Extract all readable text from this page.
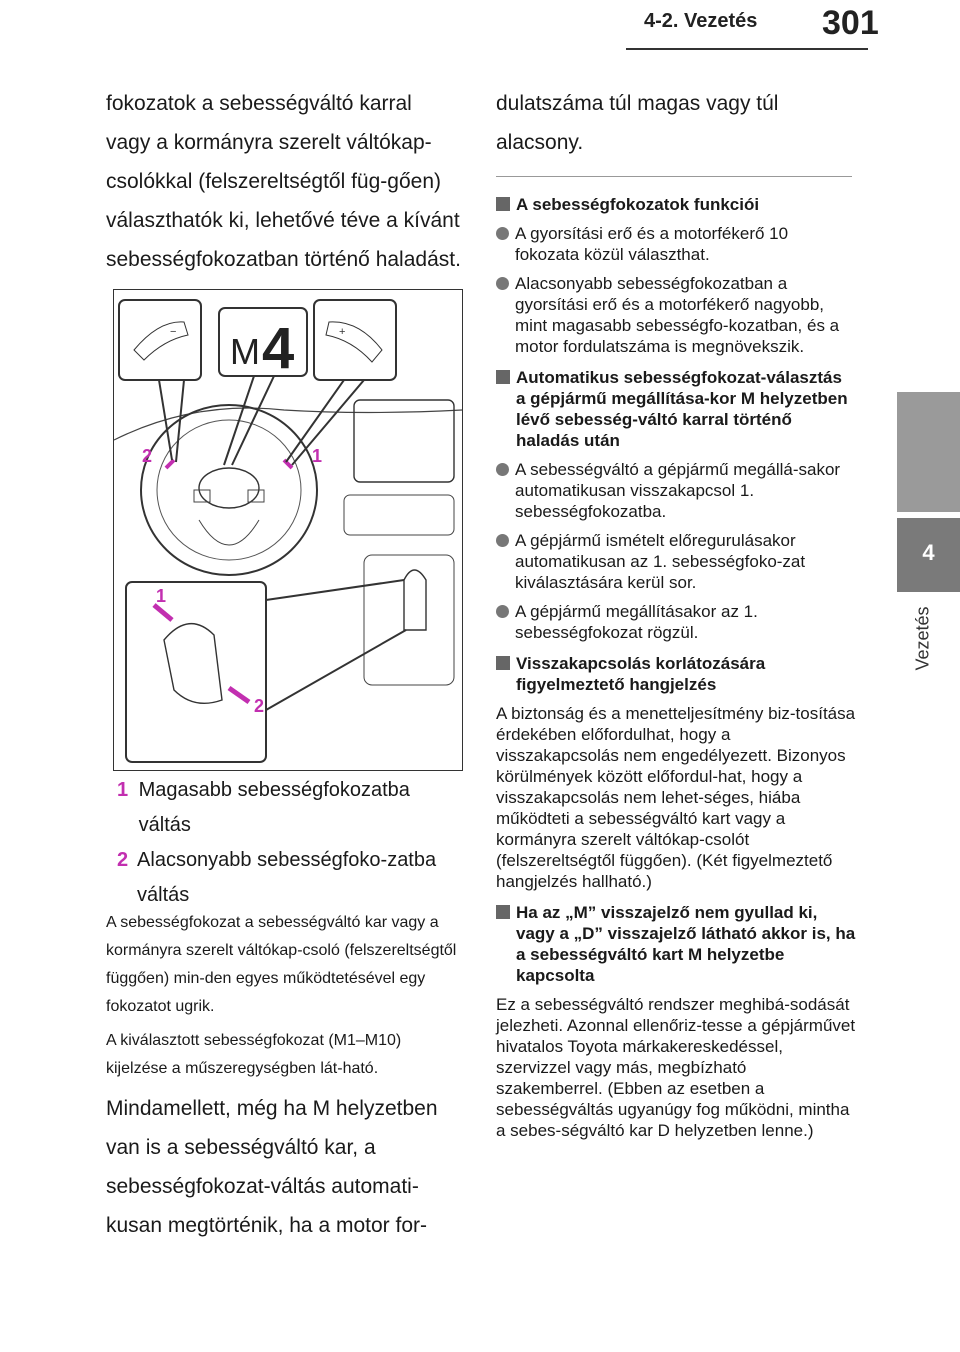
4-2. Vezetés 301
4
Vezetés
fokozatok a sebességváltó karral vagy a kormányra szerelt váltókap-csolókkal (felszereltségtől füg-gően) választhatók ki, lehetővé téve a kívánt sebességfokozatban történő haladást.
− M 4	+
2	1
1
2
1 Magasabb sebességfokozatba váltás
2 Alacsonyabb sebességfoko-zatba váltás

A sebességfokozat a sebességváltó kar vagy a kormányra szerelt váltókap-csoló (felszereltségtől függően) min-den egyes működtetésével egy fokozatot ugrik.

A kiválasztott sebességfokozat (M1–M10) kijelzése a műszeregységben lát-ható.

Mindamellett, még ha M helyzetben van is a sebességváltó kar, a sebességfokozat-váltás automati-kusan megtörténik, ha a motor for-
dulatszáma túl magas vagy túl alacsony.
A sebességfokozatok funkciói
A gyorsítási erő és a motorfékerő 10 fokozata közül választhat.
Alacsonyabb sebességfokozatban a gyorsítási erő és a motorfékerő nagyobb, mint magasabb sebességfo-kozatban, és a motor fordulatszáma is megnövekszik.
Automatikus sebességfokozat-választás a gépjármű megállítása-kor M helyzetben lévő sebesség-váltó karral történő haladás után
A sebességváltó a gépjármű megállá-sakor automatikusan visszakapcsol 1. sebességfokozatba.
A gépjármű ismételt előregurulásakor automatikusan az 1. sebességfoko-zat kiválasztására kerül sor.
A gépjármű megállításakor az 1. sebességfokozat rögzül.
Visszakapcsolás korlátozására figyelmeztető hangjelzés
A biztonság és a menetteljesítmény biz-tosítása érdekében előfordulhat, hogy a visszakapcsolás nem engedélyezett. Bizonyos körülmények között előfordul-hat, hogy a visszakapcsolás nem lehet-séges, hiába működteti a sebességváltó kart vagy a kormányra szerelt váltókap-csolót (felszereltségtől függően). (Két figyelmeztető hangjelzés hallható.)
Ha az „M” visszajelző nem gyullad ki, vagy a „D” visszajelző látható akkor is, ha a sebességváltó kart M helyzetbe kapcsolta
Ez a sebességváltó rendszer meghibá-sodását jelezheti. Azonnal ellenőriz-tesse a gépjárművet hivatalos Toyota márkakereskedéssel, szervizzel vagy más, megbízható szakemberrel. (Ebben az esetben a sebességváltás ugyanúgy fog működni, mintha a sebes-ségváltó kar D helyzetben lenne.)
